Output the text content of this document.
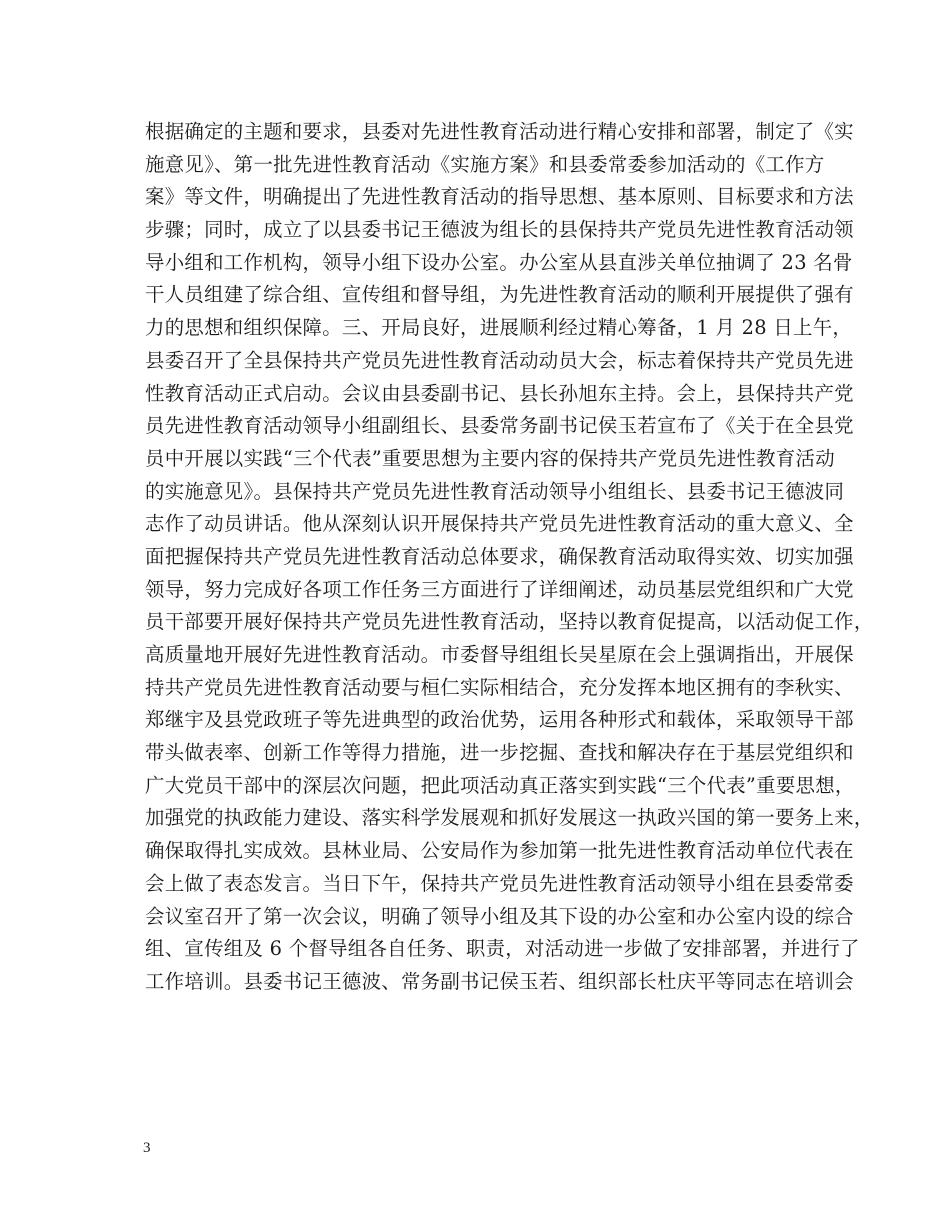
根据确定的主题和要求，县委对先进性教育活动进行精心安排和部署，制定了《实
施意见》、第一批先进性教育活动《实施方案》和县委常委参加活动的《工作方
案》等文件，明确提出了先进性教育活动的指导思想、基本原则、目标要求和方法
步骤；同时，成立了以县委书记王德波为组长的县保持共产党员先进性教育活动领
导小组和工作机构，领导小组下设办公室。办公室从县直涉关单位抽调了 23 名骨
干人员组建了综合组、宣传组和督导组，为先进性教育活动的顺利开展提供了强有
力的思想和组织保障。三、开局良好，进展顺利经过精心筹备，1 月 28 日上午，
县委召开了全县保持共产党员先进性教育活动动员大会，标志着保持共产党员先进
性教育活动正式启动。会议由县委副书记、县长孙旭东主持。会上，县保持共产党
员先进性教育活动领导小组副组长、县委常务副书记侯玉若宣布了《关于在全县党
员中开展以实践“三个代表”重要思想为主要内容的保持共产党员先进性教育活动
的实施意见》。县保持共产党员先进性教育活动领导小组组长、县委书记王德波同
志作了动员讲话。他从深刻认识开展保持共产党员先进性教育活动的重大意义、全
面把握保持共产党员先进性教育活动总体要求，确保教育活动取得实效、切实加强
领导，努力完成好各项工作任务三方面进行了详细阐述，动员基层党组织和广大党
员干部要开展好保持共产党员先进性教育活动，坚持以教育促提高，以活动促工作，
高质量地开展好先进性教育活动。市委督导组组长吴星原在会上强调指出，开展保
持共产党员先进性教育活动要与桓仁实际相结合，充分发挥本地区拥有的李秋实、
郑继宇及县党政班子等先进典型的政治优势，运用各种形式和载体，采取领导干部
带头做表率、创新工作等得力措施，进一步挖掘、查找和解决存在于基层党组织和
广大党员干部中的深层次问题，把此项活动真正落实到实践“三个代表”重要思想，
加强党的执政能力建设、落实科学发展观和抓好发展这一执政兴国的第一要务上来，
确保取得扎实成效。县林业局、公安局作为参加第一批先进性教育活动单位代表在
会上做了表态发言。当日下午，保持共产党员先进性教育活动领导小组在县委常委
会议室召开了第一次会议，明确了领导小组及其下设的办公室和办公室内设的综合
组、宣传组及 6 个督导组各自任务、职责，对活动进一步做了安排部署，并进行了
工作培训。县委书记王德波、常务副书记侯玉若、组织部长杜庆平等同志在培训会
3
